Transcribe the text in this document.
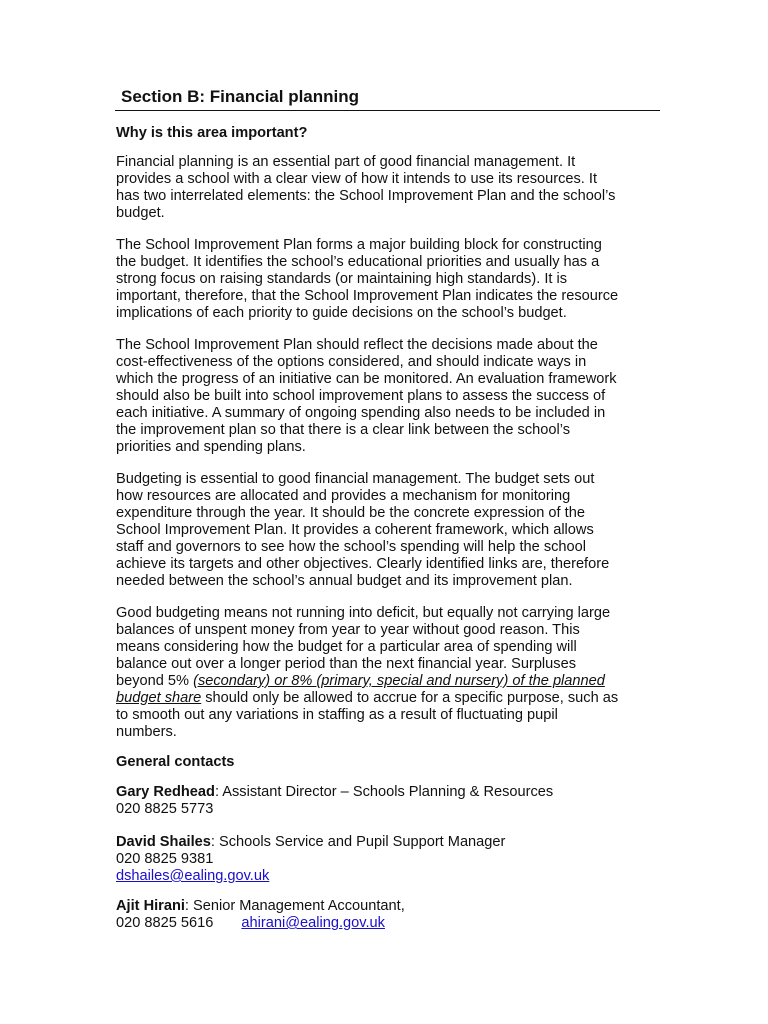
Section B: Financial planning
Why is this area important?
Financial planning is an essential part of good financial management. It
provides a school with a clear view of how it intends to use its resources. It
has two interrelated elements: the School Improvement Plan and the school’s
budget.
The School Improvement Plan forms a major building block for constructing
the budget. It identifies the school’s educational priorities and usually has a
strong focus on raising standards (or maintaining high standards). It is
important, therefore, that the School Improvement Plan indicates the resource
implications of each priority to guide decisions on the school’s budget.
The School Improvement Plan should reflect the decisions made about the
cost-effectiveness of the options considered, and should indicate ways in
which the progress of an initiative can be monitored. An evaluation framework
should also be built into school improvement plans to assess the success of
each initiative. A summary of ongoing spending also needs to be included in
the improvement plan so that there is a clear link between the school’s
priorities and spending plans.
Budgeting is essential to good financial management. The budget sets out
how resources are allocated and provides a mechanism for monitoring
expenditure through the year. It should be the concrete expression of the
School Improvement Plan. It provides a coherent framework, which allows
staff and governors to see how the school’s spending will help the school
achieve its targets and other objectives. Clearly identified links are, therefore
needed between the school’s annual budget and its improvement plan.
Good budgeting means not running into deficit, but equally not carrying large
balances of unspent money from year to year without good reason. This
means considering how the budget for a particular area of spending will
balance out over a longer period than the next financial year. Surpluses
beyond 5% (secondary) or 8% (primary, special and nursery) of the planned
budget share should only be allowed to accrue for a specific purpose, such as
to smooth out any variations in staffing as a result of fluctuating pupil
numbers.
General contacts
Gary Redhead: Assistant Director – Schools Planning & Resources
020 8825 5773
David Shailes: Schools Service and Pupil Support Manager
020 8825 9381
dshailes@ealing.gov.uk
Ajit Hirani: Senior Management Accountant,
020 8825 5616 ahirani@ealing.gov.uk
